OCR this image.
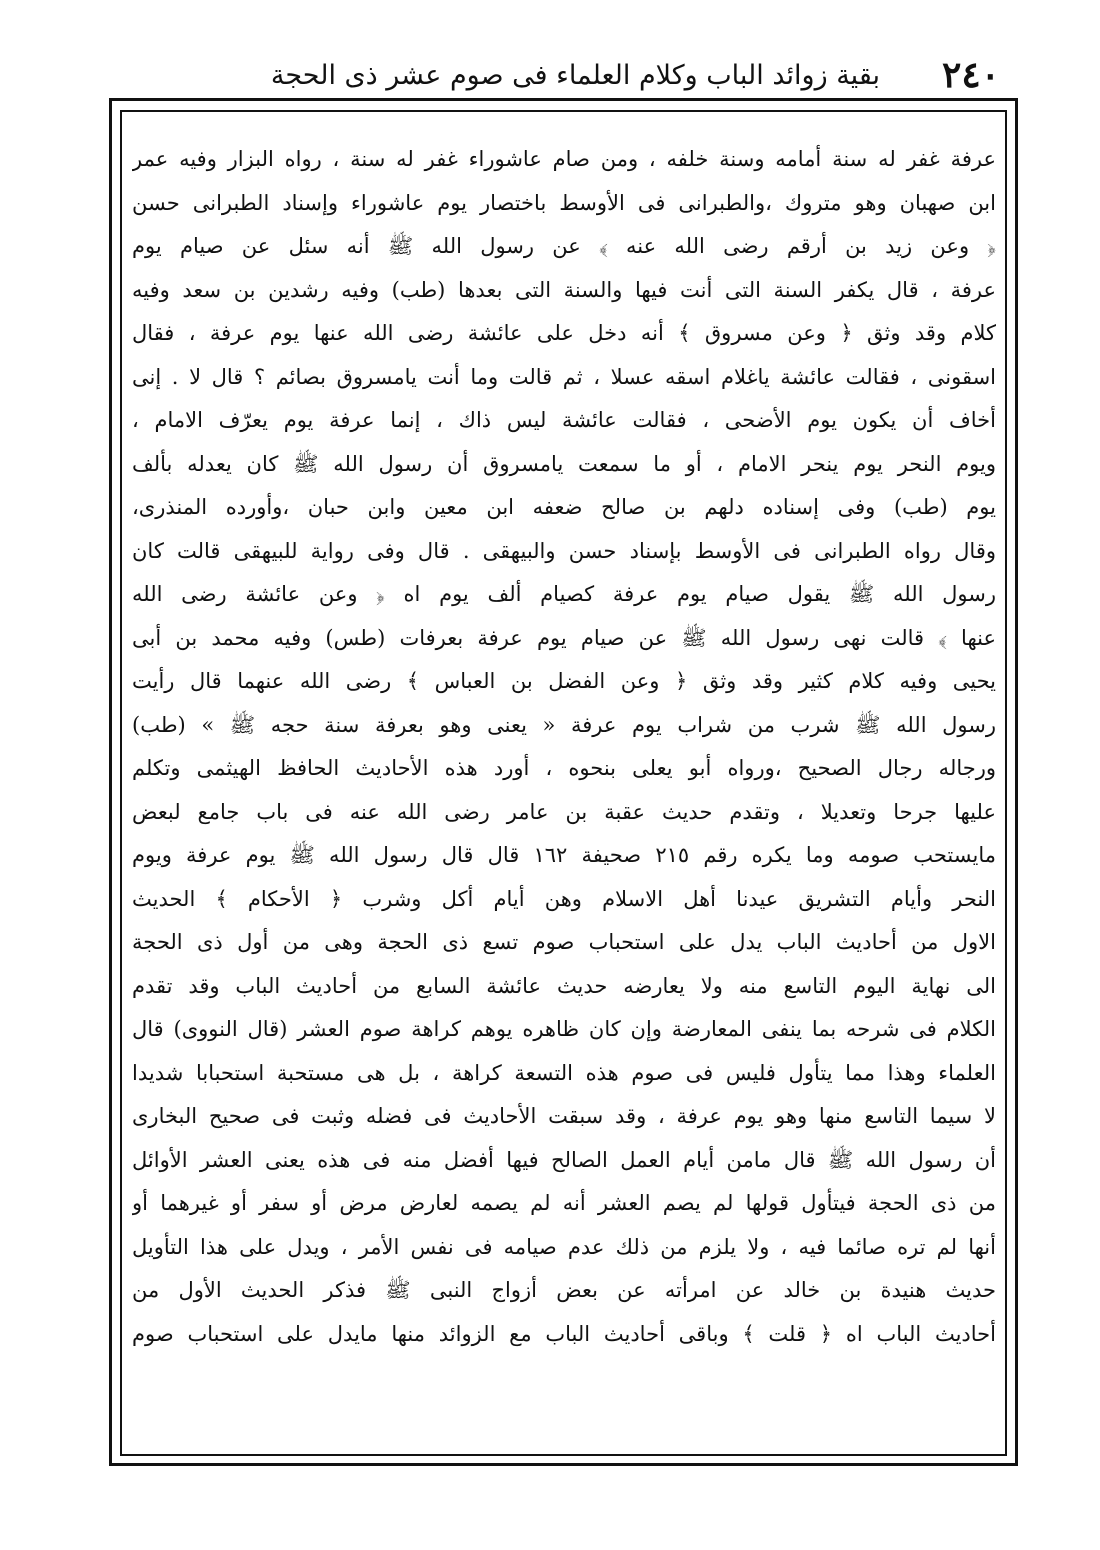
٢٤٠
بقية زوائد الباب وكلام العلماء فى صوم عشر ذى الحجة
عرفة غفر له سنة أمامه وسنة خلفه ، ومن صام عاشوراء غفر له سنة ، رواه البزار وفيه عمر
ابن صهبان وهو متروك ،والطبرانى فى الأوسط باختصار يوم عاشوراء وإسناد الطبرانى حسن
﴿ وعن زيد بن أرقم رضى الله عنه ﴾ عن رسول الله ﷺ أنه سئل عن صيام يوم
عرفة ، قال يكفر السنة التى أنت فيها والسنة التى بعدها (طب) وفيه رشدين بن سعد وفيه
كلام وقد وثق ﴿ وعن مسروق ﴾ أنه دخل على عائشة رضى الله عنها يوم عرفة ، فقال
اسقونى ، فقالت عائشة ياغلام اسقه عسلا ، ثم قالت وما أنت يامسروق بصائم ؟ قال لا . إنى
أخاف أن يكون يوم الأضحى ، فقالت عائشة ليس ذاك ، إنما عرفة يوم يعرّف الامام ،
ويوم النحر يوم ينحر الامام ، أو ما سمعت يامسروق أن رسول الله ﷺ كان يعدله بألف
يوم (طب) وفى إسناده دلهم بن صالح ضعفه ابن معين وابن حبان ،وأورده المنذرى،
وقال رواه الطبرانى فى الأوسط بإسناد حسن والبيهقى . قال وفى رواية للبيهقى قالت كان
رسول الله ﷺ يقول صيام يوم عرفة كصيام ألف يوم اه ﴿ وعن عائشة رضى الله
عنها ﴾ قالت نهى رسول الله ﷺ عن صيام يوم عرفة بعرفات (طس) وفيه محمد بن أبى
يحيى وفيه كلام كثير وقد وثق ﴿ وعن الفضل بن العباس ﴾ رضى الله عنهما قال رأيت
رسول الله ﷺ شرب من شراب يوم عرفة « يعنى وهو بعرفة سنة حجه ﷺ » (طب)
ورجاله رجال الصحيح ،ورواه أبو يعلى بنحوه ، أورد هذه الأحاديث الحافظ الهيثمى وتكلم
عليها جرحا وتعديلا ، وتقدم حديث عقبة بن عامر رضى الله عنه فى باب جامع لبعض
مايستحب صومه وما يكره رقم ٢١٥ صحيفة ١٦٢ قال قال رسول الله ﷺ يوم عرفة ويوم
النحر وأيام التشريق عيدنا أهل الاسلام وهن أيام أكل وشرب ﴿ الأحكام ﴾ الحديث
الاول من أحاديث الباب يدل على استحباب صوم تسع ذى الحجة وهى من أول ذى الحجة
الى نهاية اليوم التاسع منه ولا يعارضه حديث عائشة السابع من أحاديث الباب وقد تقدم
الكلام فى شرحه بما ينفى المعارضة وإن كان ظاهره يوهم كراهة صوم العشر (قال النووى) قال
العلماء وهذا مما يتأول فليس فى صوم هذه التسعة كراهة ، بل هى مستحبة استحبابا شديدا
لا سيما التاسع منها وهو يوم عرفة ، وقد سبقت الأحاديث فى فضله وثبت فى صحيح البخارى
أن رسول الله ﷺ قال مامن أيام العمل الصالح فيها أفضل منه فى هذه يعنى العشر الأوائل
من ذى الحجة فيتأول قولها لم يصم العشر أنه لم يصمه لعارض مرض أو سفر أو غيرهما أو
أنها لم تره صائما فيه ، ولا يلزم من ذلك عدم صيامه فى نفس الأمر ، ويدل على هذا التأويل
حديث هنيدة بن خالد عن امرأته عن بعض أزواج النبى ﷺ فذكر الحديث الأول من
أحاديث الباب اه ﴿ قلت ﴾ وباقى أحاديث الباب مع الزوائد منها مايدل على استحباب صوم
